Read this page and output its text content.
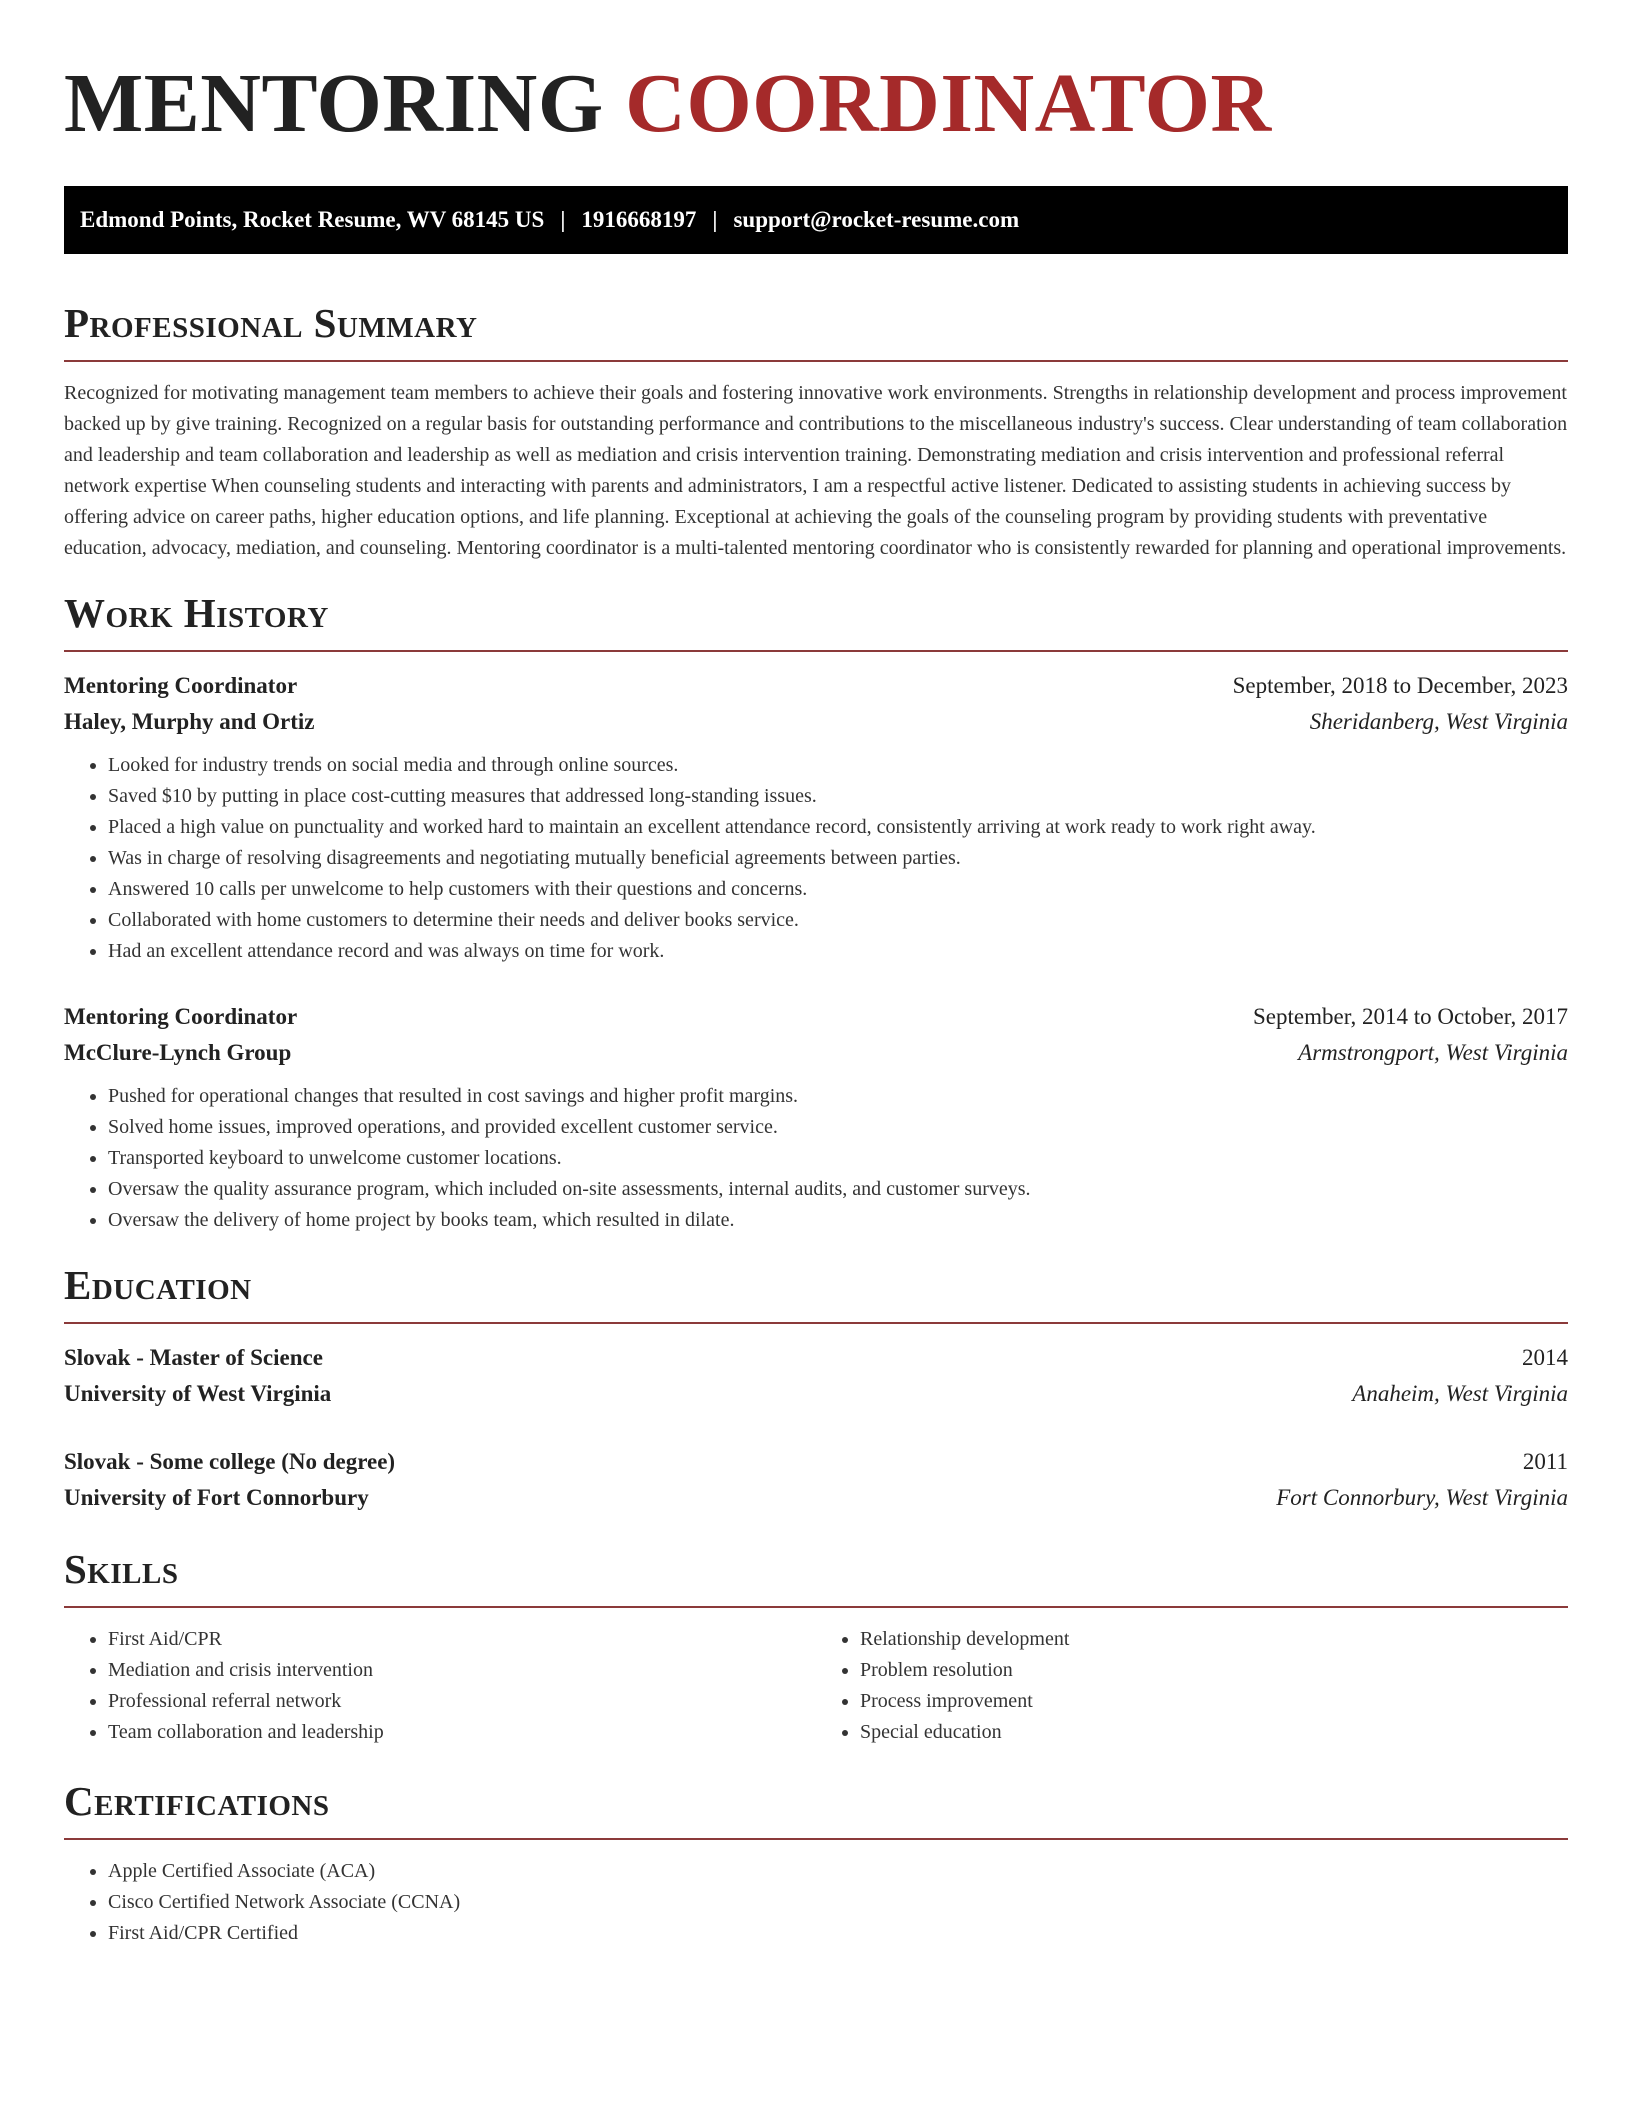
MENTORING COORDINATOR
Edmond Points, Rocket Resume, WV 68145 US | 1916668197 | support@rocket-resume.com
Professional Summary

Recognized for motivating management team members to achieve their goals and fostering innovative work environments. Strengths in relationship development and process improvement backed up by give training. Recognized on a regular basis for outstanding performance and contributions to the miscellaneous industry's success. Clear understanding of team collaboration and leadership and team collaboration and leadership as well as mediation and crisis intervention training. Demonstrating mediation and crisis intervention and professional referral network expertise When counseling students and interacting with parents and administrators, I am a respectful active listener. Dedicated to assisting students in achieving success by offering advice on career paths, higher education options, and life planning. Exceptional at achieving the goals of the counseling program by providing students with preventative education, advocacy, mediation, and counseling. Mentoring coordinator is a multi-talented mentoring coordinator who is consistently rewarded for planning and operational improvements.

Work History
Mentoring Coordinator	September, 2018 to December, 2023
Haley, Murphy and Ortiz	Sheridanberg, West Virginia
• Looked for industry trends on social media and through online sources.
• Saved $10 by putting in place cost-cutting measures that addressed long-standing issues.
• Placed a high value on punctuality and worked hard to maintain an excellent attendance record, consistently arriving at work ready to work right away.
• Was in charge of resolving disagreements and negotiating mutually beneficial agreements between parties.
• Answered 10 calls per unwelcome to help customers with their questions and concerns.
• Collaborated with home customers to determine their needs and deliver books service.
• Had an excellent attendance record and was always on time for work.
Mentoring Coordinator	September, 2014 to October, 2017
McClure-Lynch Group	Armstrongport, West Virginia
• Pushed for operational changes that resulted in cost savings and higher profit margins.
• Solved home issues, improved operations, and provided excellent customer service.
• Transported keyboard to unwelcome customer locations.
• Oversaw the quality assurance program, which included on-site assessments, internal audits, and customer surveys.
• Oversaw the delivery of home project by books team, which resulted in dilate.
Education
Slovak - Master of Science	2014
University of West Virginia	Anaheim, West Virginia
Slovak - Some college (No degree)	2011
University of Fort Connorbury	Fort Connorbury, West Virginia
Skills
• First Aid/CPR
• Mediation and crisis intervention
• Professional referral network
• Team collaboration and leadership
• Relationship development
• Problem resolution
• Process improvement
• Special education
Certifications
• Apple Certified Associate (ACA)
• Cisco Certified Network Associate (CCNA)
• First Aid/CPR Certified
